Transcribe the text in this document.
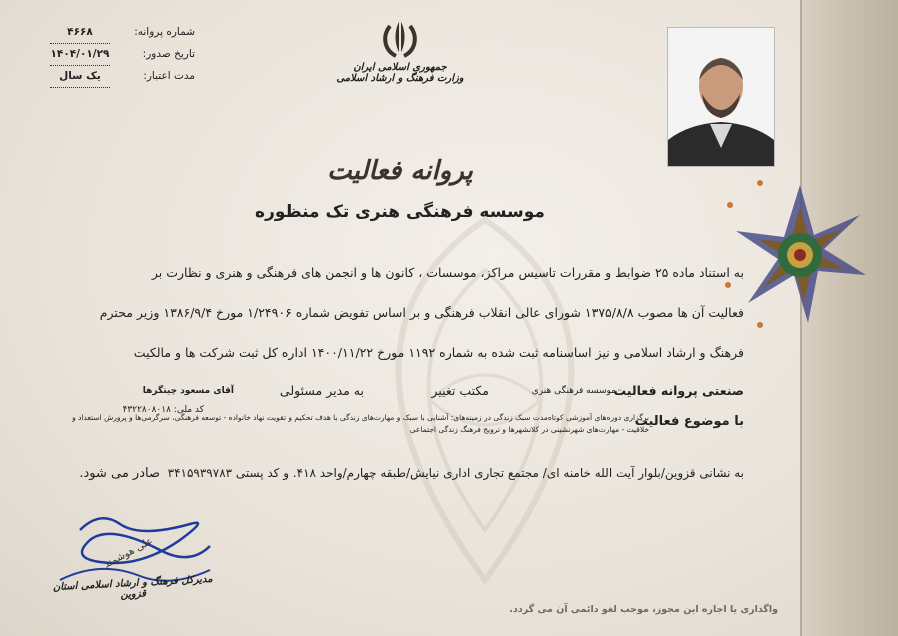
شماره پروانه:
۴۶۶۸
تاریخ صدور:
۱۴۰۴/۰۱/۲۹
مدت اعتبار:
یک سال
جمهوری اسلامی ایران
وزارت فرهنگ و ارشاد اسلامی
پروانه فعالیت
موسسه فرهنگی هنری تک منظوره
به استناد ماده ۲۵ ضوابط و مقررات تاسیس مراکز، موسسات ، کانون ها و انجمن های فرهنگی و هنری و نظارت بر
فعالیت آن ها مصوب ۱۳۷۵/۸/۸ شورای عالی انقلاب فرهنگی و بر اساس تفویض شماره ۱/۲۴۹۰۶ مورخ ۱۳۸۶/۹/۴ وزیر محترم
فرهنگ و ارشاد اسلامی و نیز اساسنامه ثبت شده به شماره ۱۱۹۲ مورخ ۱۴۰۰/۱۱/۲۲ اداره کل ثبت شرکت ها و مالکیت
صنعتی پروانه فعالیت
موسسه فرهنگی هنری
مکتب تغییر
به مدیر مسئولی
آقای مسعود چیتگرها
کد ملی: ۴۳۲۲۸۰۸۰۱۸
با موضوع فعالیت
برگزاری دوره‌های آموزشی کوتاه‌مدت سبک زندگی در زمینه‌های: آشنایی با سبک و مهارت‌های زندگی با هدف تحکیم و تقویت نهاد خانواده - توسعه فرهنگی، سرگرمی‌ها و پرورش استعداد و خلاقیت - مهارت‌های شهرنشینی در کلانشهرها و ترویج فرهنگ زندگی اجتماعی
به نشانی قزوین/بلوار آیت الله خامنه ای/ مجتمع تجاری اداری نیایش/طبقه چهارم/واحد ۴۱۸. و کد پستی ۳۴۱۵۹۳۹۷۸۳
صادر می شود.
علی هوشمند
مدیرکل فرهنگ و ارشاد اسلامی استان قزوین
واگذاری یا اجاره این مجوز، موجب لغو دائمی آن می گردد.
